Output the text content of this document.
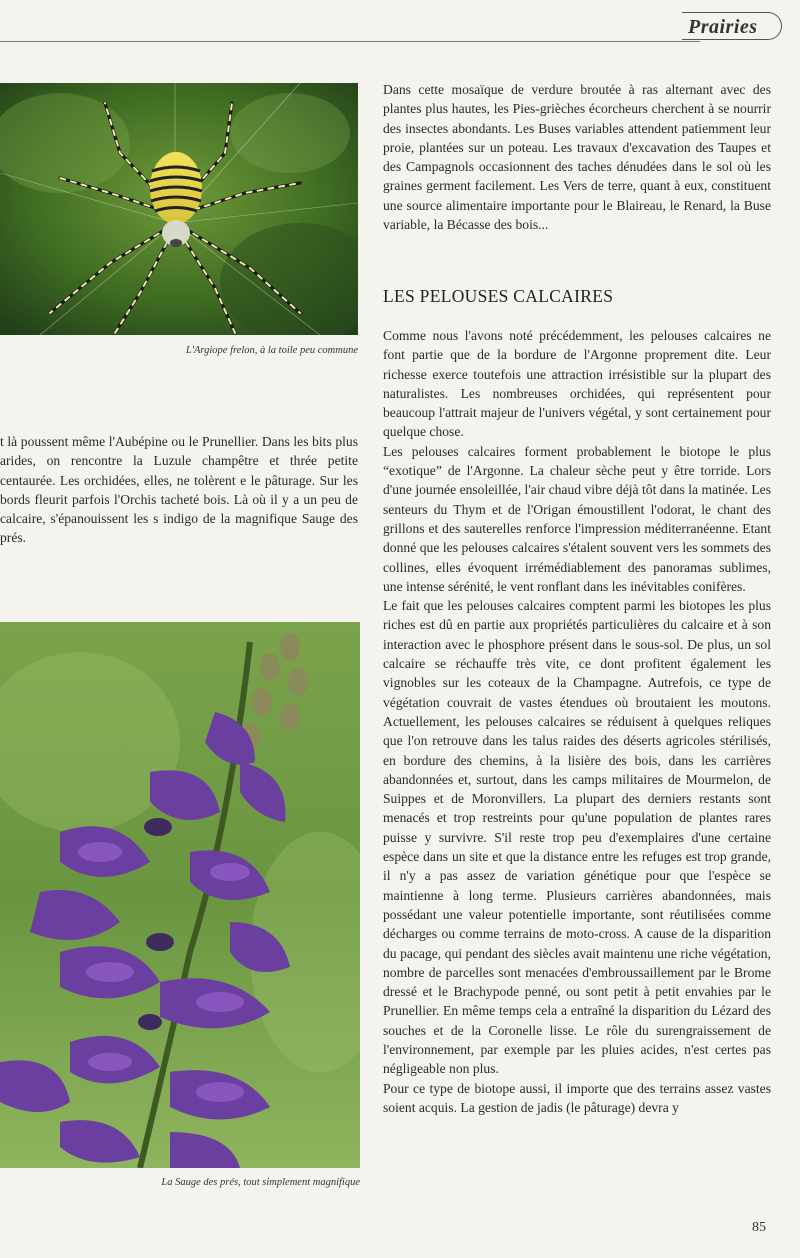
Prairies
L'Argiope frelon, à la toile peu commune

t là poussent même l'Aubépine ou le Prunellier. Dans les bits plus arides, on rencontre la Luzule champêtre et thrée petite centaurée. Les orchidées, elles, ne tolèrent e le pâturage. Sur les bords fleurit parfois l'Orchis tacheté bois. Là où il y a un peu de calcaire, s'épanouissent les s indigo de la magnifique Sauge des prés.

La Sauge des prés, tout simplement magnifique

Dans cette mosaïque de verdure broutée à ras alternant avec des plantes plus hautes, les Pies-grièches écorcheurs cherchent à se nourrir des insectes abondants. Les Buses variables attendent patiemment leur proie, plantées sur un poteau. Les travaux d'excavation des Taupes et des Campagnols occasionnent des taches dénudées dans le sol où les graines germent facilement. Les Vers de terre, quant à eux, constituent une source alimentaire importante pour le Blaireau, le Renard, la Buse variable, la Bécasse des bois...

LES PELOUSES CALCAIRES

Comme nous l'avons noté précédemment, les pelouses calcaires ne font partie que de la bordure de l'Argonne proprement dite. Leur richesse exerce toutefois une attraction irrésistible sur la plupart des naturalistes. Les nombreuses orchidées, qui représentent pour beaucoup l'attrait majeur de l'univers végétal, y sont certainement pour quelque chose.

Les pelouses calcaires forment probablement le biotope le plus “exotique” de l'Argonne. La chaleur sèche peut y être torride. Lors d'une journée ensoleillée, l'air chaud vibre déjà tôt dans la matinée. Les senteurs du Thym et de l'Origan émoustillent l'odorat, le chant des grillons et des sauterelles renforce l'impression méditerranéenne. Etant donné que les pelouses calcaires s'étalent souvent vers les sommets des collines, elles évoquent irrémédiablement des panoramas sublimes, une intense sérénité, le vent ronflant dans les inévitables conifères.

Le fait que les pelouses calcaires comptent parmi les biotopes les plus riches est dû en partie aux propriétés particulières du calcaire et à son interaction avec le phosphore présent dans le sous-sol. De plus, un sol calcaire se réchauffe très vite, ce dont profitent également les vignobles sur les coteaux de la Champagne. Autrefois, ce type de végétation couvrait de vastes étendues où broutaient les moutons. Actuellement, les pelouses calcaires se réduisent à quelques reliques que l'on retrouve dans les talus raides des déserts agricoles stérilisés, en bordure des chemins, à la lisière des bois, dans les carrières abandonnées et, surtout, dans les camps militaires de Mourmelon, de Suippes et de Moronvillers. La plupart des derniers restants sont menacés et trop restreints pour qu'une population de plantes rares puisse y survivre. S'il reste trop peu d'exemplaires d'une certaine espèce dans un site et que la distance entre les refuges est trop grande, il n'y a pas assez de variation génétique pour que l'espèce se maintienne à long terme. Plusieurs carrières abandonnées, mais possédant une valeur potentielle importante, sont réutilisées comme décharges ou comme terrains de moto-cross. A cause de la disparition du pacage, qui pendant des siècles avait maintenu une riche végétation, nombre de parcelles sont menacées d'embroussaillement par le Brome dressé et le Brachypode penné, ou sont petit à petit envahies par le Prunellier. En même temps cela a entraîné la disparition du Lézard des souches et de la Coronelle lisse. Le rôle du surengraissement de l'environnement, par exemple par les pluies acides, n'est certes pas négligeable non plus.

Pour ce type de biotope aussi, il importe que des terrains assez vastes soient acquis. La gestion de jadis (le pâturage) devra y

85
